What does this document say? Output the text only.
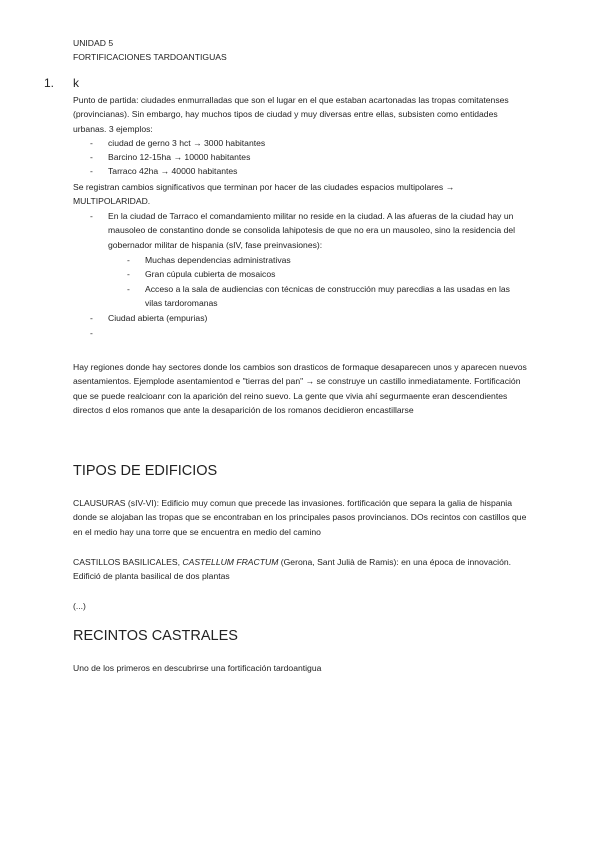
UNIDAD 5
FORTIFICACIONES TARDOANTIGUAS
1. k

Punto de partida: ciudades enmurralladas que son el lugar en el que estaban acartonadas las tropas comitatenses (provincianas). Sin embargo, hay muchos tipos de ciudad y muy diversas entre ellas, subsisten como entidades urbanas. 3 ejemplos:

- ciudad de gerno 3 hct → 3000 habitantes
- Barcino 12-15ha → 10000 habitantes
- Tarraco 42ha → 40000 habitantes

Se registran cambios significativos que terminan por hacer de las ciudades espacios multipolares → MULTIPOLARIDAD.

- En la ciudad de Tarraco el comandamiento militar no reside en la ciudad. A las afueras de la ciudad hay un mausoleo de constantino donde se consolida lahipotesis de que no era un mausoleo, sino la residencia del gobernador militar de hispania (sIV, fase preinvasiones):
- Muchas dependencias administrativas
- Gran cúpula cubierta de mosaicos
- Acceso a la sala de audiencias con técnicas de construcción muy parecdias a las usadas en las vilas tardoromanas
- Ciudad abierta (empurias)
-

Hay regiones donde hay sectores donde los cambios son drasticos de formaque desaparecen unos y aparecen nuevos asentamientos. Ejemplode asentamientod e "tierras del pan" → se construye un castillo inmediatamente. Fortificación que se puede realcioanr con la aparición del reino suevo. La gente que vivia ahí segurmaente eran descendientes directos d elos romanos que ante la desaparición de los romanos decidieron encastillarse

TIPOS DE EDIFICIOS

CLAUSURAS (sIV-VI): Edificio muy comun que precede las invasiones. fortificación que separa la galia de hispania donde se alojaban las tropas que se encontraban en los principales pasos provincianos. DOs recintos con castillos que en el medio hay una torre que se encuentra en medio del camino

CASTILLOS BASILICALES, CASTELLUM FRACTUM (Gerona, Sant Julià de Ramis): en una época de innovación. Edifició de planta basilical de dos plantas

(...)
RECINTOS CASTRALES

Uno de los primeros en descubrirse una fortificación tardoantigua
